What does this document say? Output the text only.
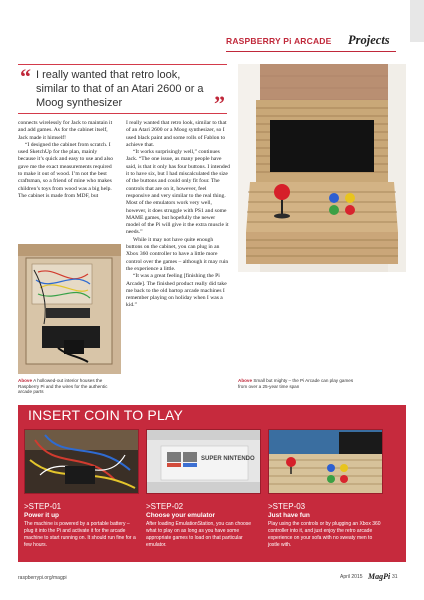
RASPBERRY Pi ARCADE Projects
“ I really wanted that retro look, similar to that of an Atari 2600 or a Moog synthesizer	”

connects wirelessly for Jack to maintain it and add games. As for the cabinet itself, Jack made it himself!

“I designed the cabinet from scratch. I used SketchUp for the plan, mainly because it’s quick and easy to use and also gave me the exact measurements required to make it out of wood. I’m not the best craftsman, so a friend of mine who makes children’s toys from wood was a big help. The cabinet is made from MDF, but

I really wanted that retro look, similar to that of an Atari 2600 or a Moog synthesizer, so I used black paint and some rolls of Fablon to achieve that.

“It works surprisingly well,” continues Jack. “The one issue, as many people have said, is that it only has four buttons. I intended it to have six, but I had miscalculated the size of the buttons and could only fit four. The controls that are on it, however, feel responsive and very similar to the real thing. Most of the emulators work very well, however, it does struggle with PS1 and some MAME games, but hopefully the newer model of the Pi will give it the extra muscle it needs.”

While it may not have quite enough buttons on the cabinet, you can plug in an Xbox 360 controller to have a little more control over the games – although it may ruin the experience a little.

“It was a great feeling [finishing the Pi Arcade]. The finished product really did take me back to the old bartop arcade machines I remember playing on holiday when I was a kid.”

Above A hollowed-out interior houses the Raspberry Pi and the wires for the authentic arcade parts
Above Small but mighty – the Pi Arcade can play games from over a 25-year time span
INSERT COIN TO PLAY
>STEP-01
Power it up
The machine is powered by a portable battery – plug it into the Pi and activate it for the arcade machine to start running on. It should run fine for a few hours.
SUPER NINTENDO
>STEP-02
Choose your emulator
After loading EmulationStation, you can choose what to play on as long as you have some appropriate games to load on that particular emulator.
>STEP-03
Just have fun
Play using the controls or by plugging an Xbox 360 controller into it, and just enjoy the retro arcade experience on your sofa with no sweaty men to jostle with.
raspberrypi.org/magpi	April 2015 MagPi 31
